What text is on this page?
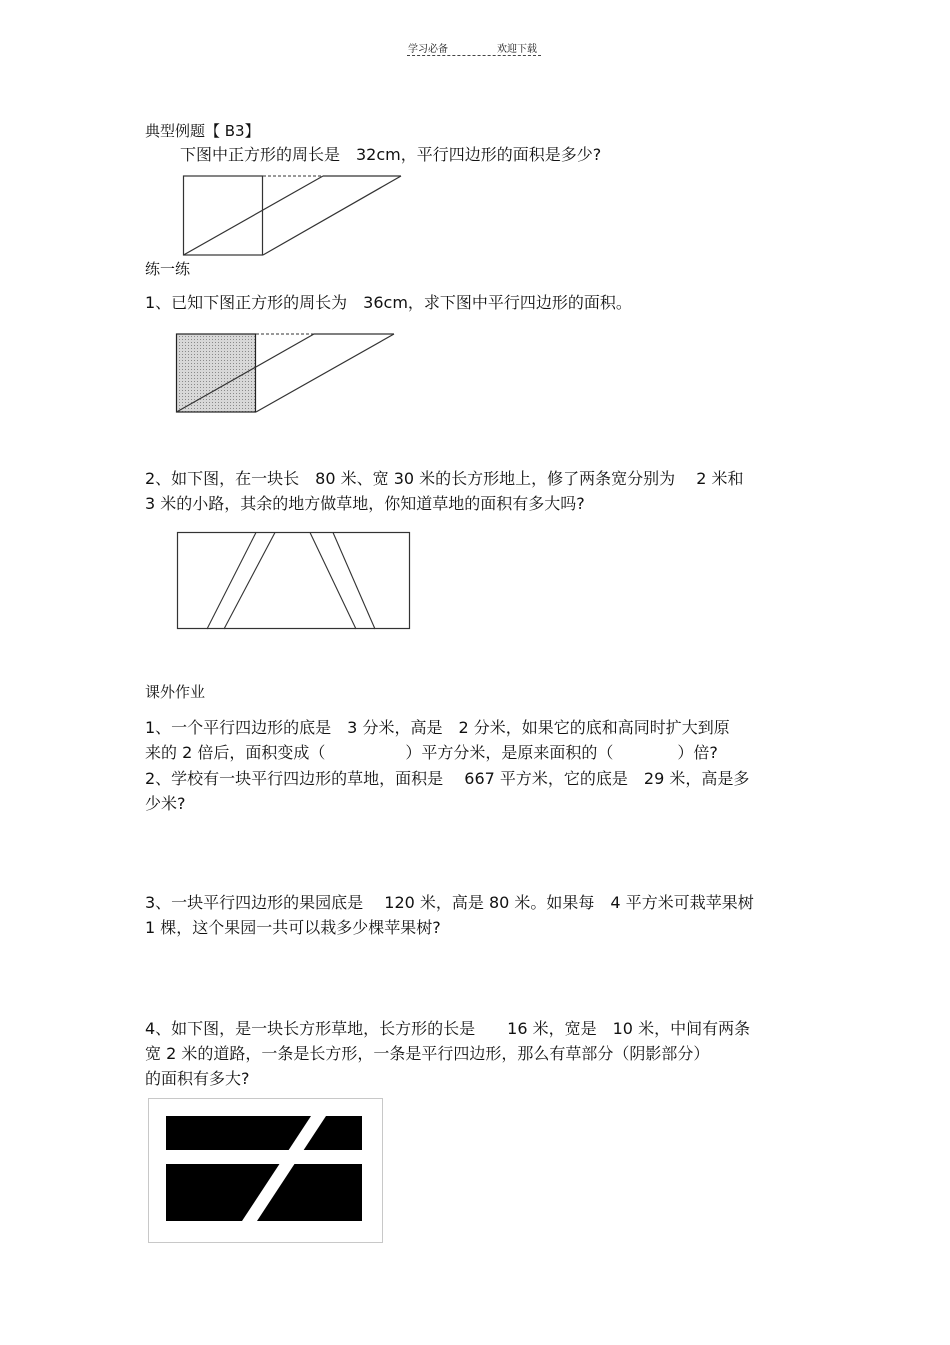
学习必备	欢迎下载
典型例题【 B3】
下图中正方形的周长是　32cm，平行四边形的面积是多少?
练一练
1、已知下图正方形的周长为　36cm，求下图中平行四边形的面积。
2、如下图，在一块长　80 米、宽 30 米的长方形地上，修了两条宽分别为　 2 米和
3 米的小路，其余的地方做草地，你知道草地的面积有多大吗?
课外作业
1、一个平行四边形的底是　3 分米，高是　2 分米，如果它的底和高同时扩大到原
来的 2 倍后，面积变成（　　　　　）平方分米，是原来面积的（　　　　）倍?
2、学校有一块平行四边形的草地，面积是　 667 平方米，它的底是　29 米，高是多
少米?
3、一块平行四边形的果园底是　 120 米，高是 80 米。如果每　4 平方米可栽苹果树
1 棵，这个果园一共可以栽多少棵苹果树?
4、如下图，是一块长方形草地，长方形的长是　　16 米，宽是　10 米，中间有两条
宽 2 米的道路，一条是长方形，一条是平行四边形，那么有草部分（阴影部分）
的面积有多大?
